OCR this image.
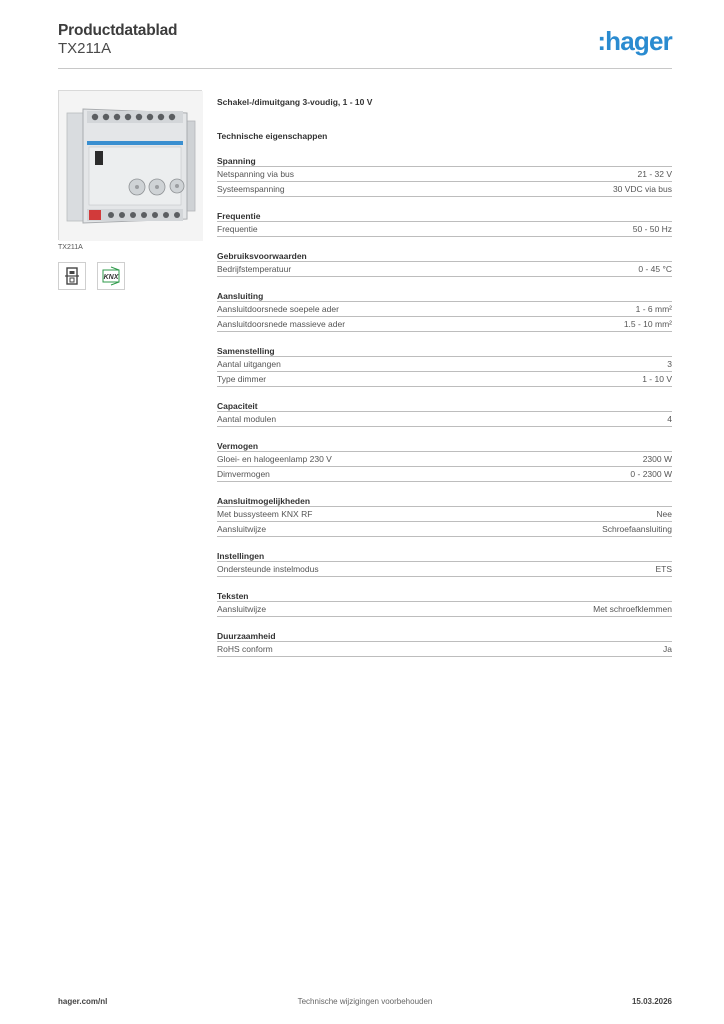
Productdatablad
TX211A	:hager
TX211A
KNX
Schakel-/dimuitgang 3-voudig, 1 - 10 V
Technische eigenschappen
Spanning
Netspanning via bus	21 - 32 V
Systeemspanning	30 VDC via bus
Frequentie
Frequentie	50 - 50 Hz
Gebruiksvoorwaarden
Bedrijfstemperatuur	0 - 45 °C
Aansluiting
Aansluitdoorsnede soepele ader	1 - 6 mm²
Aansluitdoorsnede massieve ader	1.5 - 10 mm²
Samenstelling
Aantal uitgangen	3
Type dimmer	1 - 10 V
Capaciteit
Aantal modulen	4
Vermogen
Gloei- en halogeenlamp 230 V	2300 W
Dimvermogen	0 - 2300 W
Aansluitmogelijkheden
Met bussysteem KNX RF	Nee
Aansluitwijze	Schroefaansluiting
Instellingen
Ondersteunde instelmodus	ETS
Teksten
Aansluitwijze	Met schroefklemmen
Duurzaamheid
RoHS conform	Ja
Technische wijzigingen voorbehouden
hager.com/nl	15.03.2026
